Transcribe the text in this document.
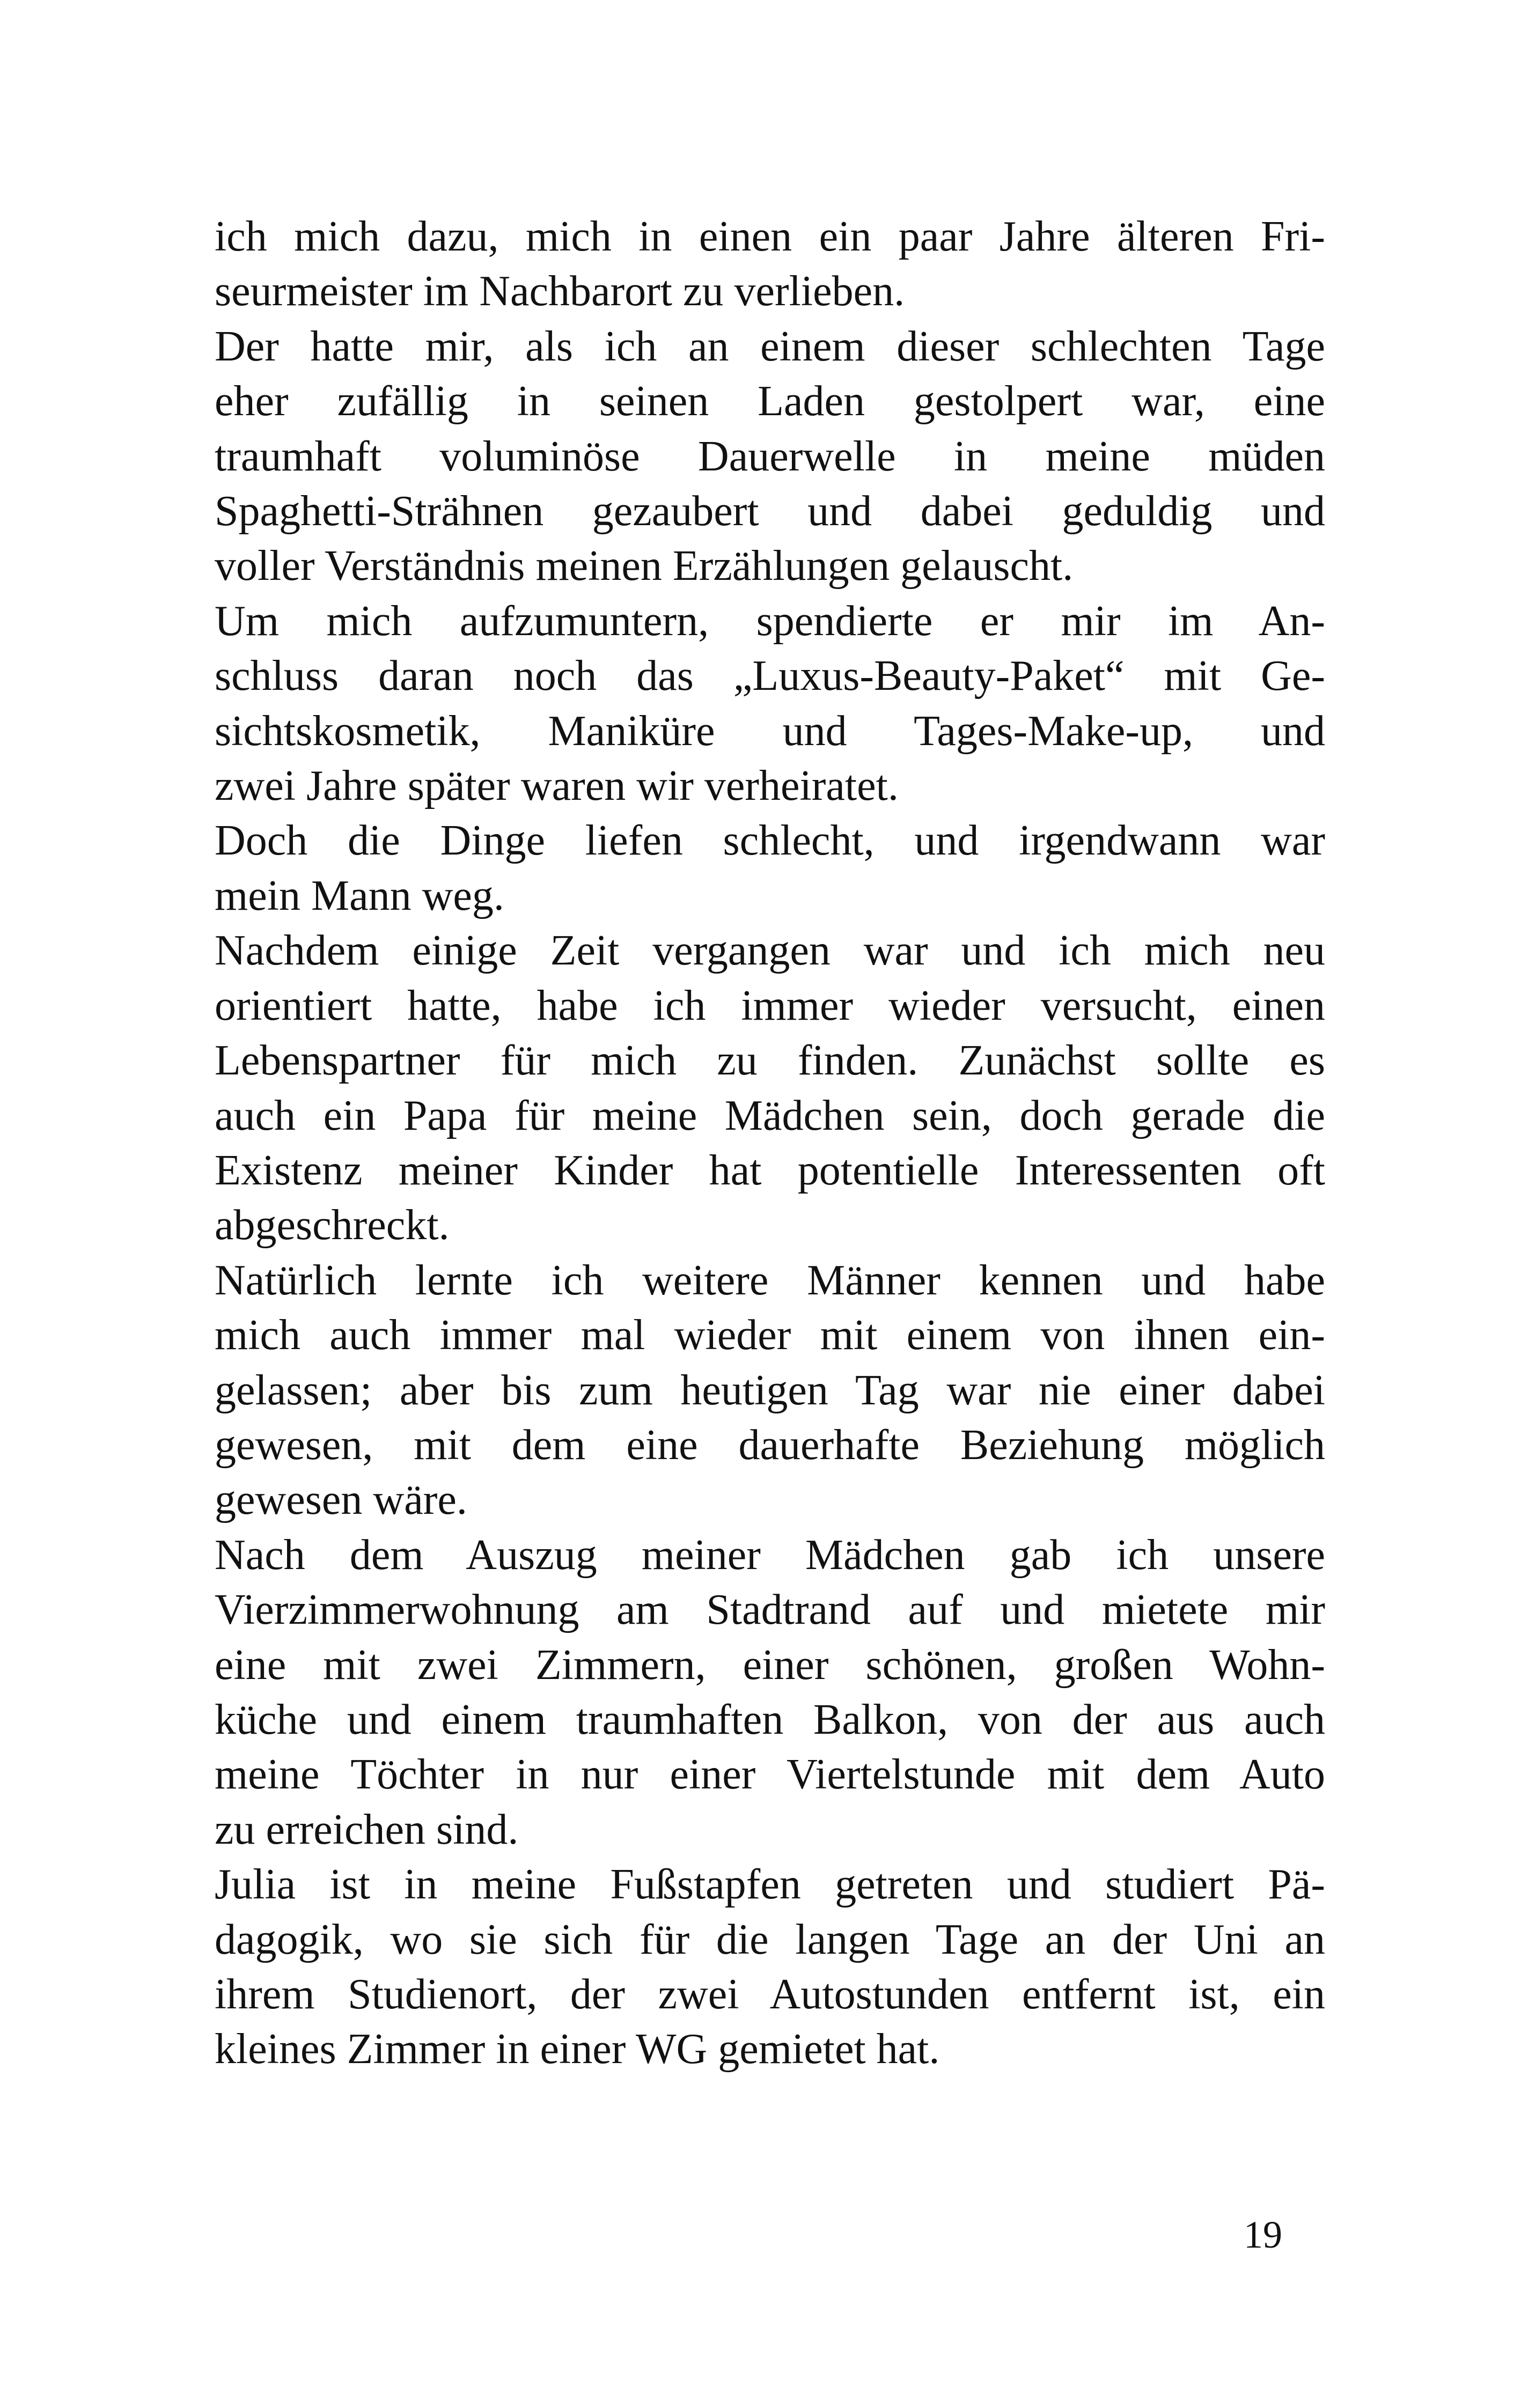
ich mich dazu, mich in einen ein paar Jahre älteren Fri-
seurmeister im Nachbarort zu verlieben.
Der hatte mir, als ich an einem dieser schlechten Tage
eher zufällig in seinen Laden gestolpert war, eine
traumhaft voluminöse Dauerwelle in meine müden
Spaghetti-Strähnen gezaubert und dabei geduldig und
voller Verständnis meinen Erzählungen gelauscht.
Um mich aufzumuntern, spendierte er mir im An-
schluss daran noch das „Luxus-Beauty-Paket“ mit Ge-
sichtskosmetik, Maniküre und Tages-Make-up, und
zwei Jahre später waren wir verheiratet.
Doch die Dinge liefen schlecht, und irgendwann war
mein Mann weg.
Nachdem einige Zeit vergangen war und ich mich neu
orientiert hatte, habe ich immer wieder versucht, einen
Lebenspartner für mich zu finden. Zunächst sollte es
auch ein Papa für meine Mädchen sein, doch gerade die
Existenz meiner Kinder hat potentielle Interessenten oft
abgeschreckt.
Natürlich lernte ich weitere Männer kennen und habe
mich auch immer mal wieder mit einem von ihnen ein-
gelassen; aber bis zum heutigen Tag war nie einer dabei
gewesen, mit dem eine dauerhafte Beziehung möglich
gewesen wäre.
Nach dem Auszug meiner Mädchen gab ich unsere
Vierzimmerwohnung am Stadtrand auf und mietete mir
eine mit zwei Zimmern, einer schönen, großen Wohn-
küche und einem traumhaften Balkon, von der aus auch
meine Töchter in nur einer Viertelstunde mit dem Auto
zu erreichen sind.
Julia ist in meine Fußstapfen getreten und studiert Pä-
dagogik, wo sie sich für die langen Tage an der Uni an
ihrem Studienort, der zwei Autostunden entfernt ist, ein
kleines Zimmer in einer WG gemietet hat.
19
